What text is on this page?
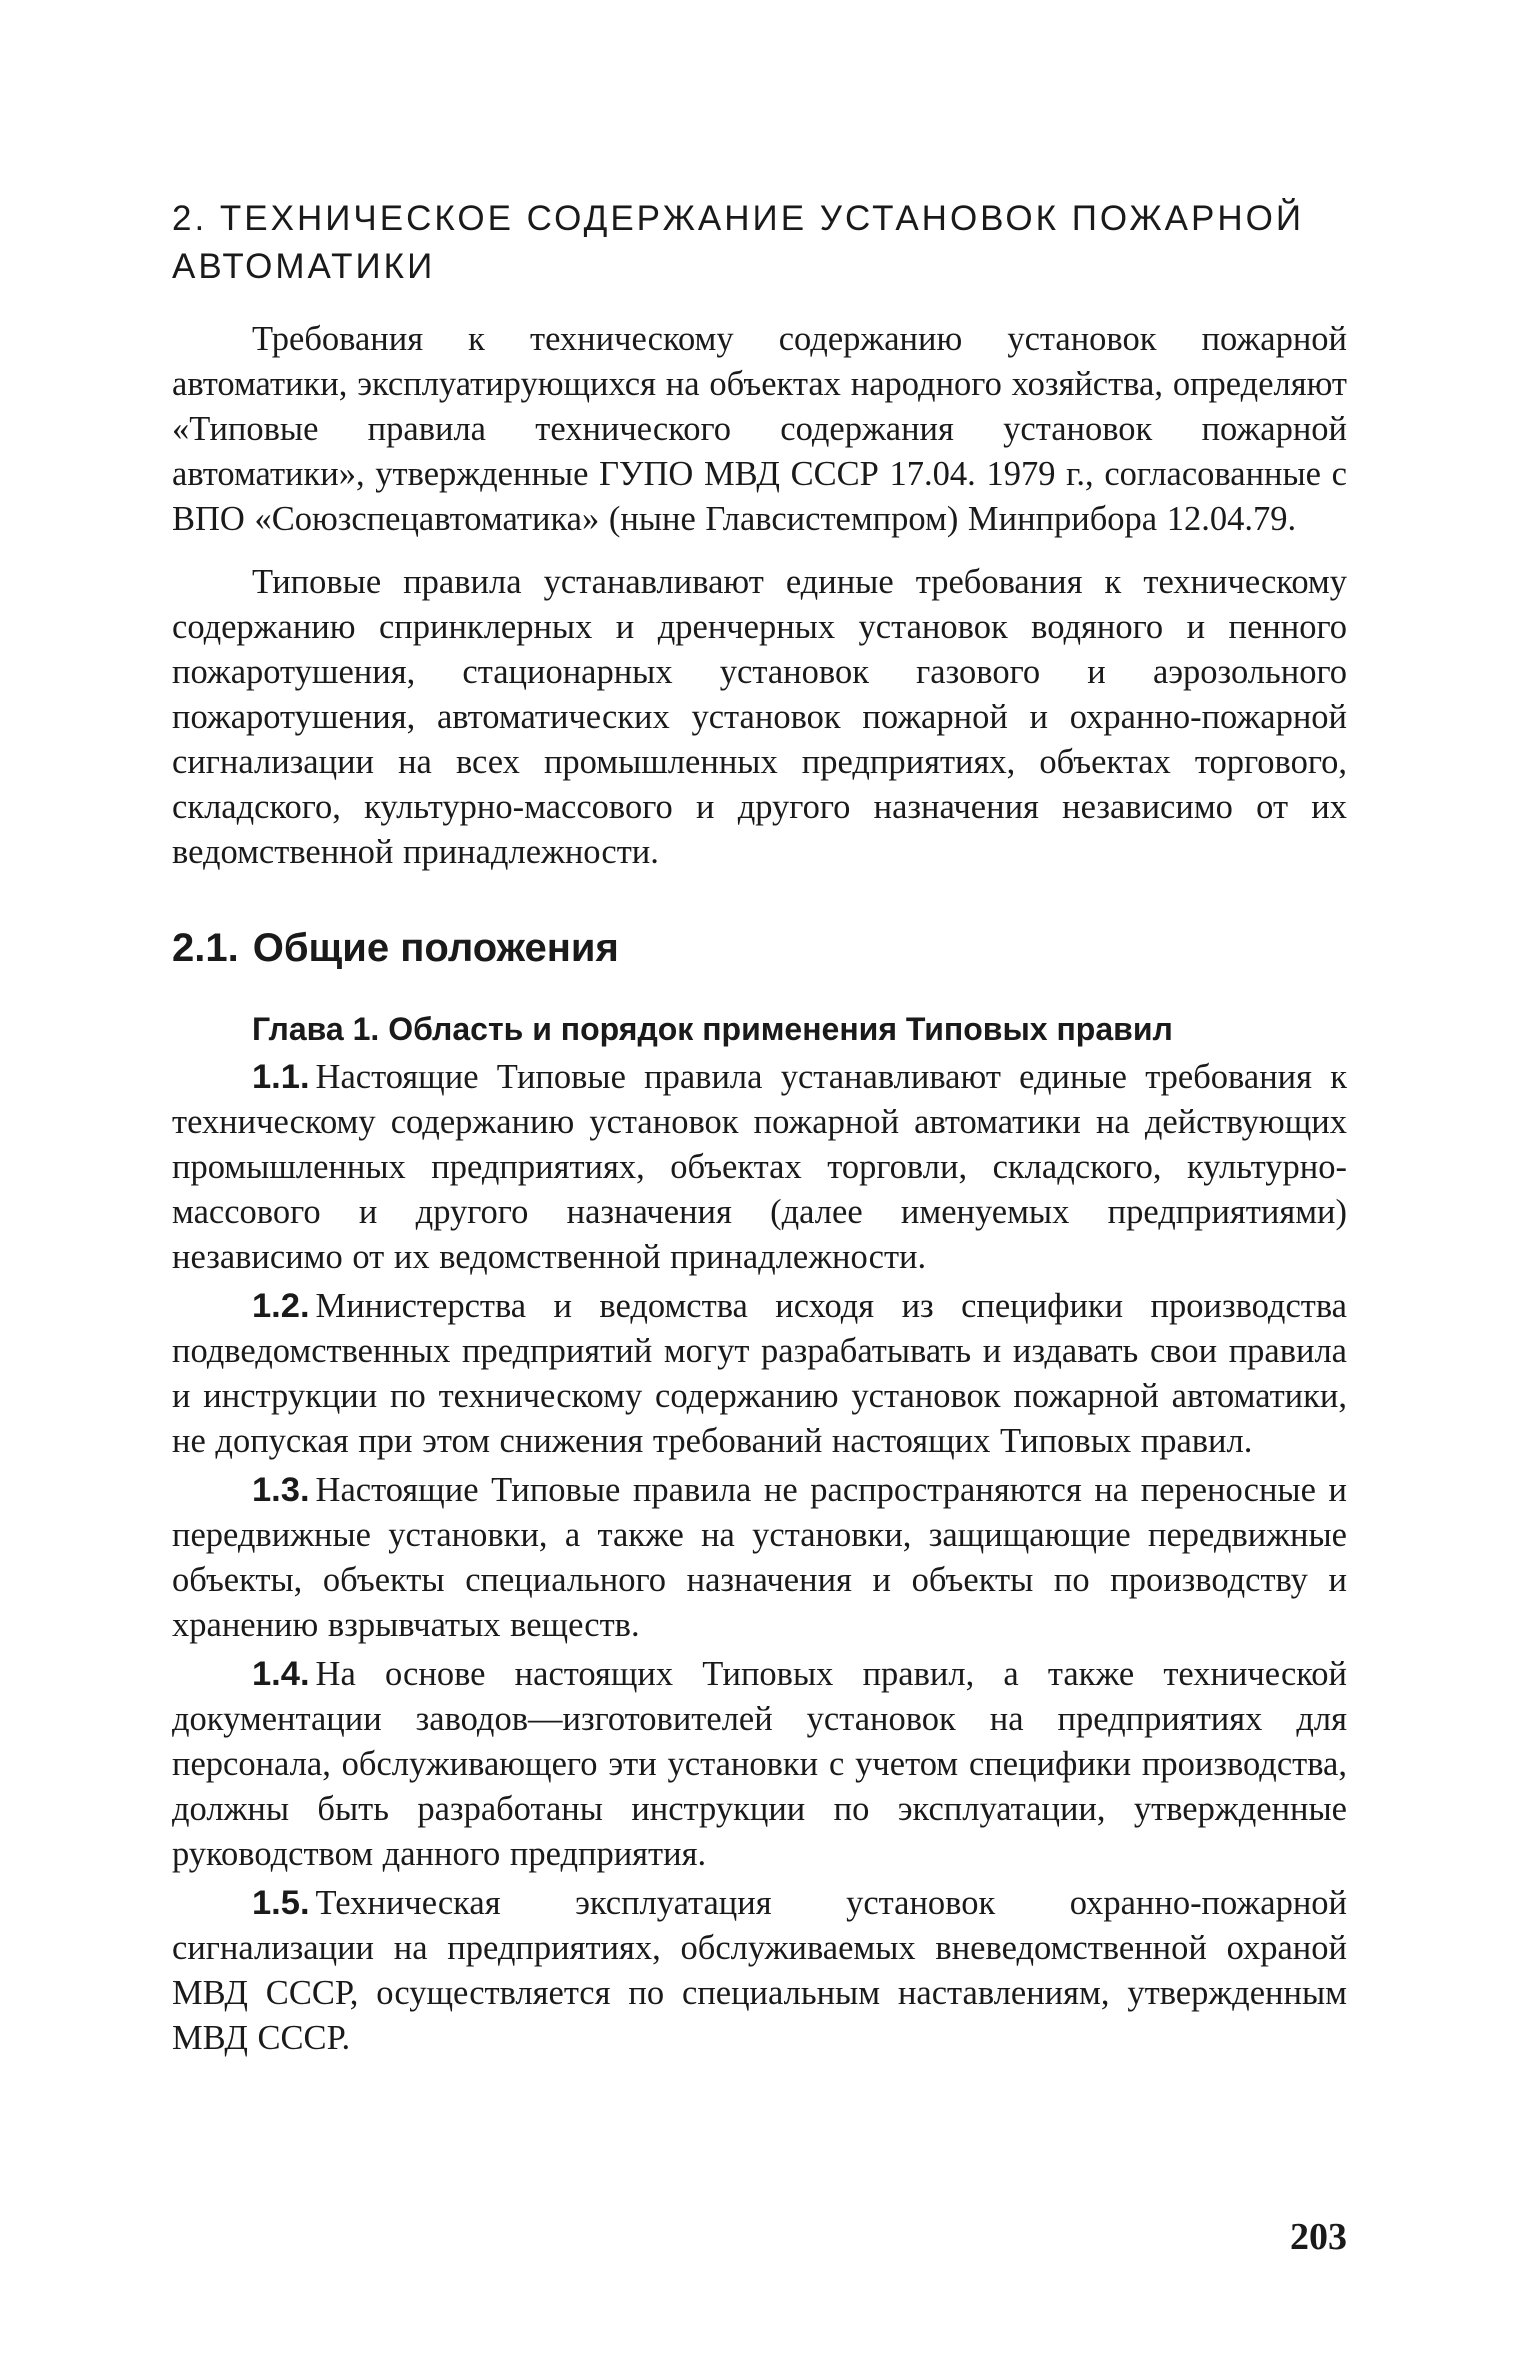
2. ТЕХНИЧЕСКОЕ СОДЕРЖАНИЕ УСТАНОВОК ПОЖАРНОЙ
АВТОМАТИКИ

Требования к техническому содержанию установок пожарной автоматики, эксплуатирующихся на объектах народного хозяйства, определяют «Типовые правила технического содержания установок пожарной автоматики», утвержденные ГУПО МВД СССР 17.04. 1979 г., согласованные с ВПО «Союзспецавтоматика» (ныне Главсистемпром) Минприбора 12.04.79.

Типовые правила устанавливают единые требования к техническому содержанию спринклерных и дренчерных установок водяного и пенного пожаротушения, стационарных установок газового и аэрозольного пожаротушения, автоматических установок пожарной и охранно-пожарной сигнализации на всех промышленных предприятиях, объектах торгового, складского, культурно-массового и другого назначения независимо от их ведомственной принадлежности.

2.1. Общие положения
Глава 1. Область и порядок применения Типовых правил

1.1. Настоящие Типовые правила устанавливают единые требования к техническому содержанию установок пожарной автоматики на действующих промышленных предприятиях, объектах торговли, складского, культурно-массового и другого назначения (далее именуемых предприятиями) независимо от их ведомственной принадлежности.

1.2. Министерства и ведомства исходя из специфики производства подведомственных предприятий могут разрабатывать и издавать свои правила и инструкции по техническому содержанию установок пожарной автоматики, не допуская при этом снижения требований настоящих Типовых правил.

1.3. Настоящие Типовые правила не распространяются на переносные и передвижные установки, а также на установки, защищающие передвижные объекты, объекты специального назначения и объекты по производству и хранению взрывчатых веществ.

1.4. На основе настоящих Типовых правил, а также технической документации заводов—изготовителей установок на предприятиях для персонала, обслуживающего эти установки с учетом специфики производства, должны быть разработаны инструкции по эксплуатации, утвержденные руководством данного предприятия.

1.5. Техническая эксплуатация установок охранно-пожарной сигнализации на предприятиях, обслуживаемых вневедомственной охраной МВД СССР, осуществляется по специальным наставлениям, утвержденным МВД СССР.

203
